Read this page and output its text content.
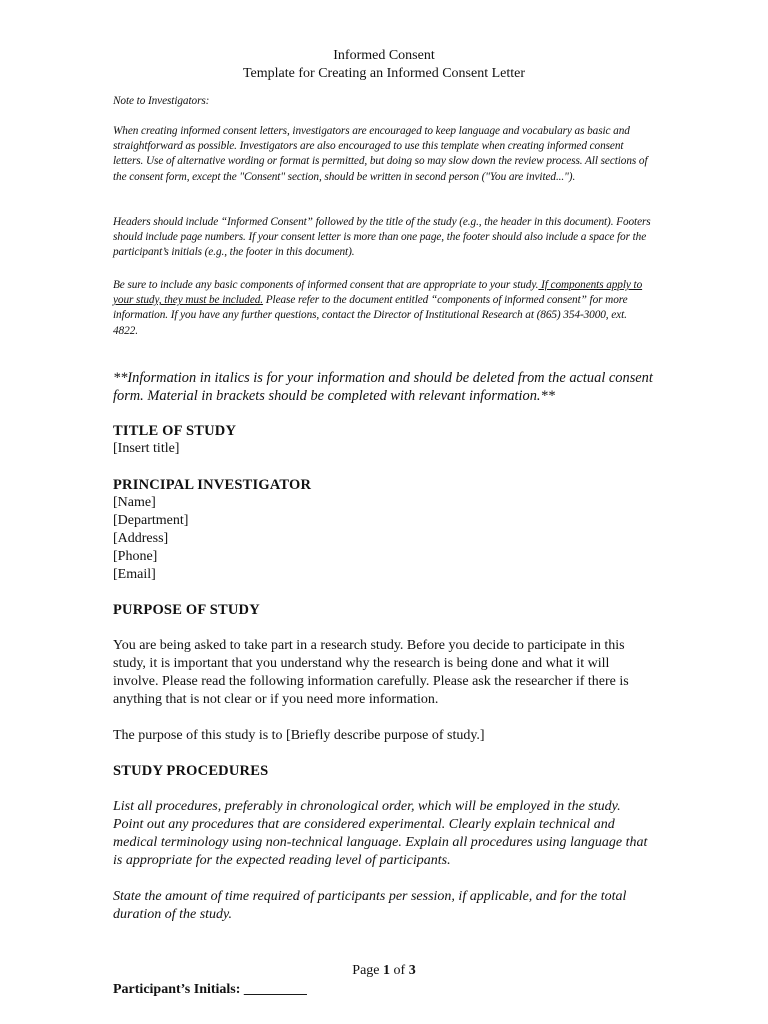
Informed Consent

Template for Creating an Informed Consent Letter

Note to Investigators:

When creating informed consent letters, investigators are encouraged to keep language and vocabulary as basic and straightforward as possible. Investigators are also encouraged to use this template when creating informed consent letters. Use of alternative wording or format is permitted, but doing so may slow down the review process. All sections of the consent form, except the "Consent" section, should be written in second person ("You are invited...").

Headers should include “Informed Consent” followed by the title of the study (e.g., the header in this document). Footers should include page numbers. If your consent letter is more than one page, the footer should also include a space for the participant’s initials (e.g., the footer in this document).

Be sure to include any basic components of informed consent that are appropriate to your study. If components apply to your study, they must be included. Please refer to the document entitled “components of informed consent” for more information. If you have any further questions, contact the Director of Institutional Research at (865) 354-3000, ext. 4822.

**Information in italics is for your information and should be deleted from the actual consent form. Material in brackets should be completed with relevant information.**

TITLE OF STUDY

[Insert title]

PRINCIPAL INVESTIGATOR

[Name]

[Department]

[Address]

[Phone]

[Email]

PURPOSE OF STUDY

You are being asked to take part in a research study. Before you decide to participate in this study, it is important that you understand why the research is being done and what it will involve. Please read the following information carefully. Please ask the researcher if there is anything that is not clear or if you need more information.

The purpose of this study is to [Briefly describe purpose of study.]

STUDY PROCEDURES

List all procedures, preferably in chronological order, which will be employed in the study. Point out any procedures that are considered experimental. Clearly explain technical and medical terminology using non-technical language. Explain all procedures using language that is appropriate for the expected reading level of participants.

State the amount of time required of participants per session, if applicable, and for the total duration of the study.

Page 1 of 3

Participant’s Initials: _________
